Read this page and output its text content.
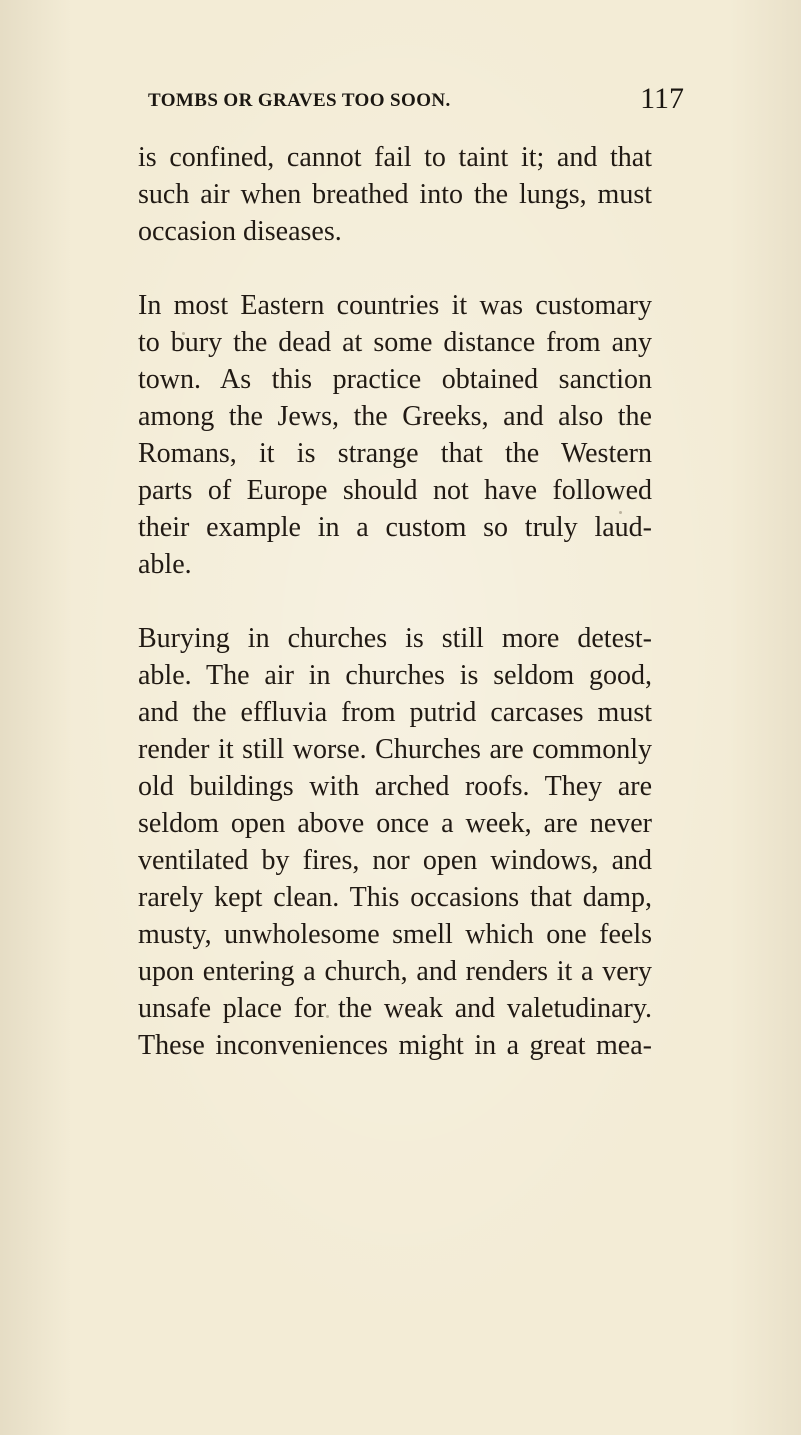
TOMBS OR GRAVES TOO SOON.	117
is confined, cannot fail to taint it; and that
such air when breathed into the lungs, must
occasion diseases.
In most Eastern countries it was customary
to bury the dead at some distance from any
town. As this practice obtained sanction
among the Jews, the Greeks, and also the
Romans, it is strange that the Western
parts of Europe should not have followed
their example in a custom so truly laud-
able.
Burying in churches is still more detest-
able. The air in churches is seldom good,
and the effluvia from putrid carcases must
render it still worse. Churches are commonly
old buildings with arched roofs. They are
seldom open above once a week, are never
ventilated by fires, nor open windows, and
rarely kept clean. This occasions that damp,
musty, unwholesome smell which one feels
upon entering a church, and renders it a very
unsafe place for the weak and valetudinary.
These inconveniences might in a great mea-
